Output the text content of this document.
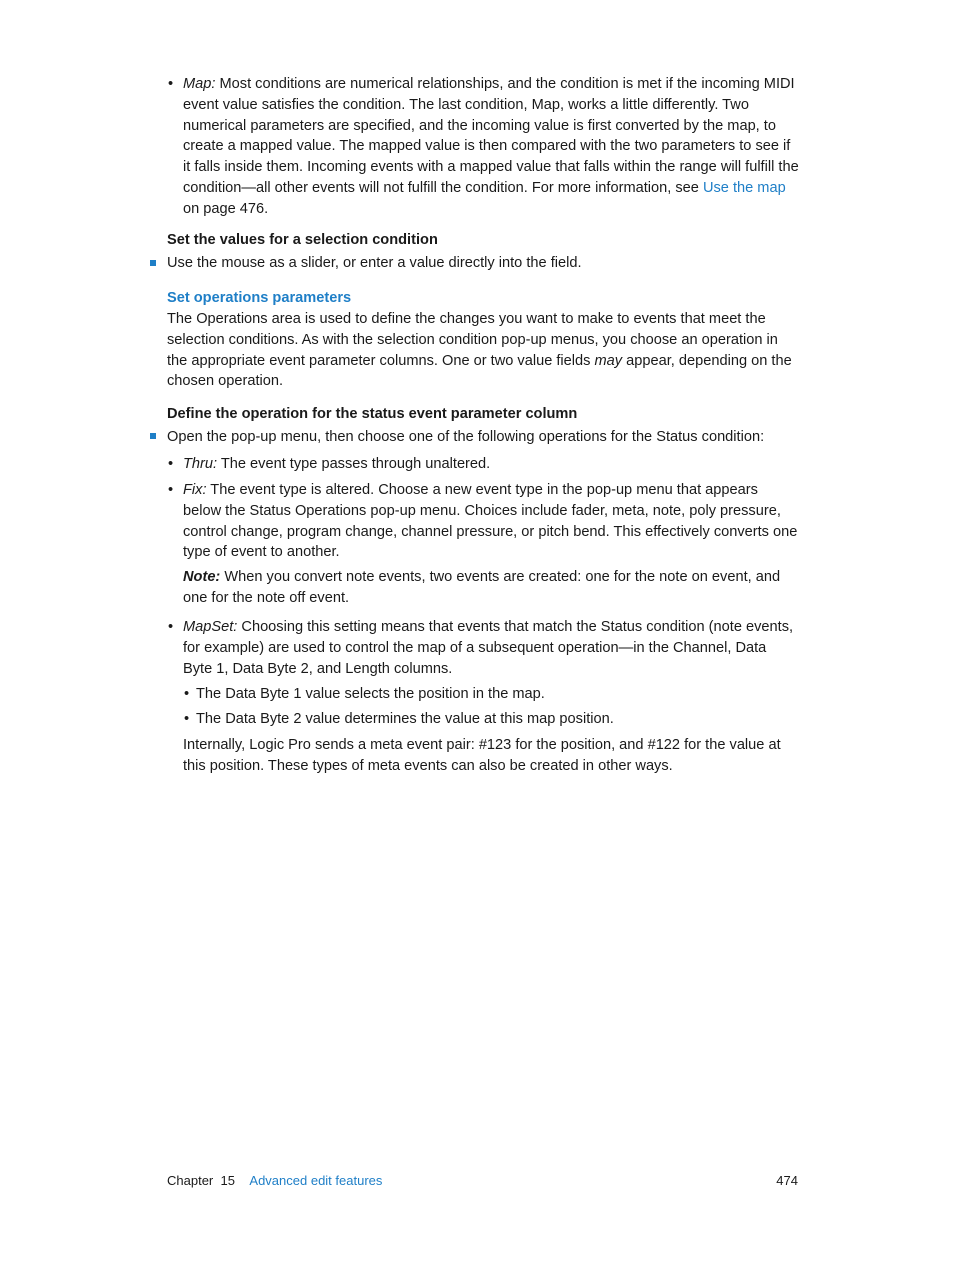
• Map: Most conditions are numerical relationships, and the condition is met if the incoming MIDI event value satisfies the condition. The last condition, Map, works a little differently. Two numerical parameters are specified, and the incoming value is first converted by the map, to create a mapped value. The mapped value is then compared with the two parameters to see if it falls inside them. Incoming events with a mapped value that falls within the range will fulfill the condition—all other events will not fulfill the condition. For more information, see Use the map on page 476.
Set the values for a selection condition
Use the mouse as a slider, or enter a value directly into the field.
Set operations parameters
The Operations area is used to define the changes you want to make to events that meet the selection conditions. As with the selection condition pop-up menus, you choose an operation in the appropriate event parameter columns. One or two value fields may appear, depending on the chosen operation.
Define the operation for the status event parameter column
Open the pop-up menu, then choose one of the following operations for the Status condition:
• Thru: The event type passes through unaltered.
• Fix: The event type is altered. Choose a new event type in the pop-up menu that appears below the Status Operations pop-up menu. Choices include fader, meta, note, poly pressure, control change, program change, channel pressure, or pitch bend. This effectively converts one type of event to another.
Note: When you convert note events, two events are created: one for the note on event, and one for the note off event.
• MapSet: Choosing this setting means that events that match the Status condition (note events, for example) are used to control the map of a subsequent operation—in the Channel, Data Byte 1, Data Byte 2, and Length columns.
• The Data Byte 1 value selects the position in the map.
• The Data Byte 2 value determines the value at this map position.
Internally, Logic Pro sends a meta event pair: #123 for the position, and #122 for the value at this position. These types of meta events can also be created in other ways.
Chapter 15 Advanced edit features	474
